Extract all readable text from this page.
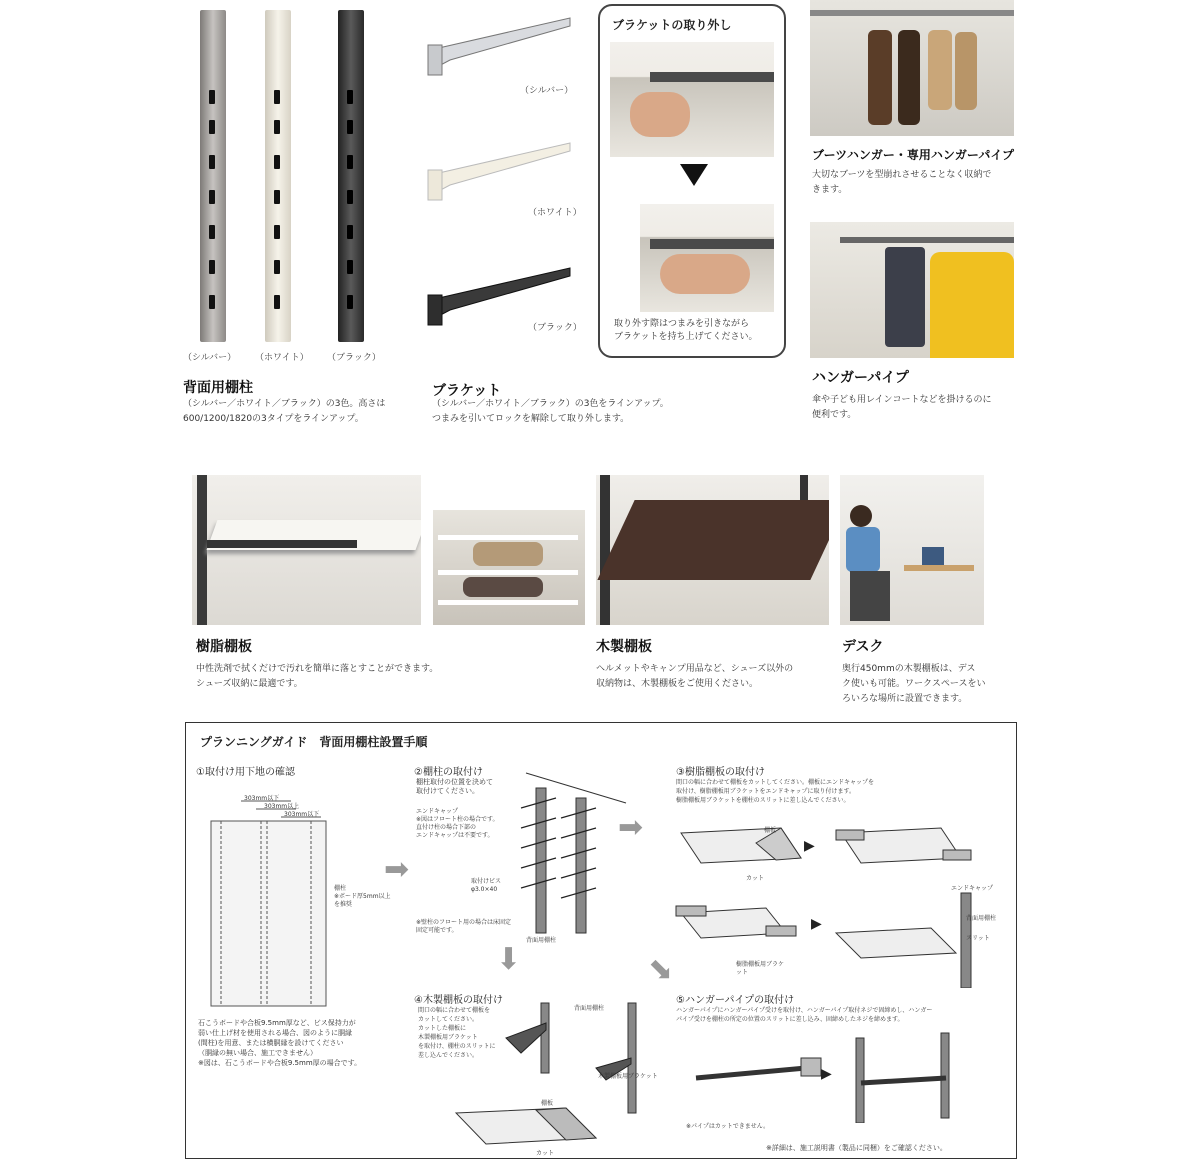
（シルバー） （ホワイト） （ブラック）
背面用棚柱
（シルバー／ホワイト／ブラック）の3色。高さは
600/1200/1820の3タイプをラインアップ。
（シルバー）
（ホワイト）
（ブラック）
ブラケット
（シルバー／ホワイト／ブラック）の3色をラインアップ。
つまみを引いてロックを解除して取り外します。
ブラケットの取り外し
取り外す際はつまみを引きながら
ブラケットを持ち上げてください。
ブーツハンガー・専用ハンガーパイプ
大切なブーツを型崩れさせることなく収納で
きます。
ハンガーパイプ
傘や子ども用レインコートなどを掛けるのに
便利です。
樹脂棚板
中性洗剤で拭くだけで汚れを簡単に落とすことができます。
シューズ収納に最適です。
木製棚板
ヘルメットやキャンプ用品など、シューズ以外の
収納物は、木製棚板をご使用ください。
デスク
奥行450mmの木製棚板は、デス
ク使いも可能。ワークスペースをい
ろいろな場所に設置できます。
プランニングガイド　背面用棚柱設置手順
①取付け用下地の確認
303mm以下
303mm以上
303mm以下
棚柱
※ボード厚5mm以上を推奨
石こうボードや合板9.5mm厚など、ビス保持力が
弱い仕上げ材を使用される場合、図のように胴縁
(間柱)を用意、または横胴縁を設けてください
（胴縁の無い場合、施工できません）
※図は、石こうボードや合板9.5mm厚の場合です。
➡
②棚柱の取付け
棚柱取付の位置を決めて
取付けてください。
エンドキャップ
※図はフロート柱の場合です。
直付け柱の場合下部の
エンドキャップは不要です。
取付けビス
φ3.0×40
※壁柱のフロート用の場合は床固定
固定可能です。
背面用棚柱
➡
⬇	⬊
③樹脂棚板の取付け
間口の幅に合わせて棚板をカットしてください。棚板にエンドキャップを
取付け、樹脂棚板用ブラケットをエンドキャップに取り付けます。
樹脂棚板用ブラケットを棚柱のスリットに差し込んでください。
▶
▶
棚板
樹脂棚板用ブラケット
カット
エンドキャップ
背面用棚柱
スリット
④木製棚板の取付け
間口の幅に合わせて棚板を
カットしてください。
カットした棚板に
木製棚板用ブラケット
を取付け、棚柱のスリットに
差し込んでください。
背面用棚柱
木製棚板用ブラケット
棚板
カット
⑤ハンガーパイプの取付け
ハンガーパイプにハンガーパイプ受けを取付け、ハンガーパイプ取付ネジで固締めし、ハンガー
パイプ受けを棚柱の所定の位置のスリットに差し込み、固締めしたネジを締めます。
▶
※パイプはカットできません。
※詳細は、施工説明書（製品に同梱）をご確認ください。
